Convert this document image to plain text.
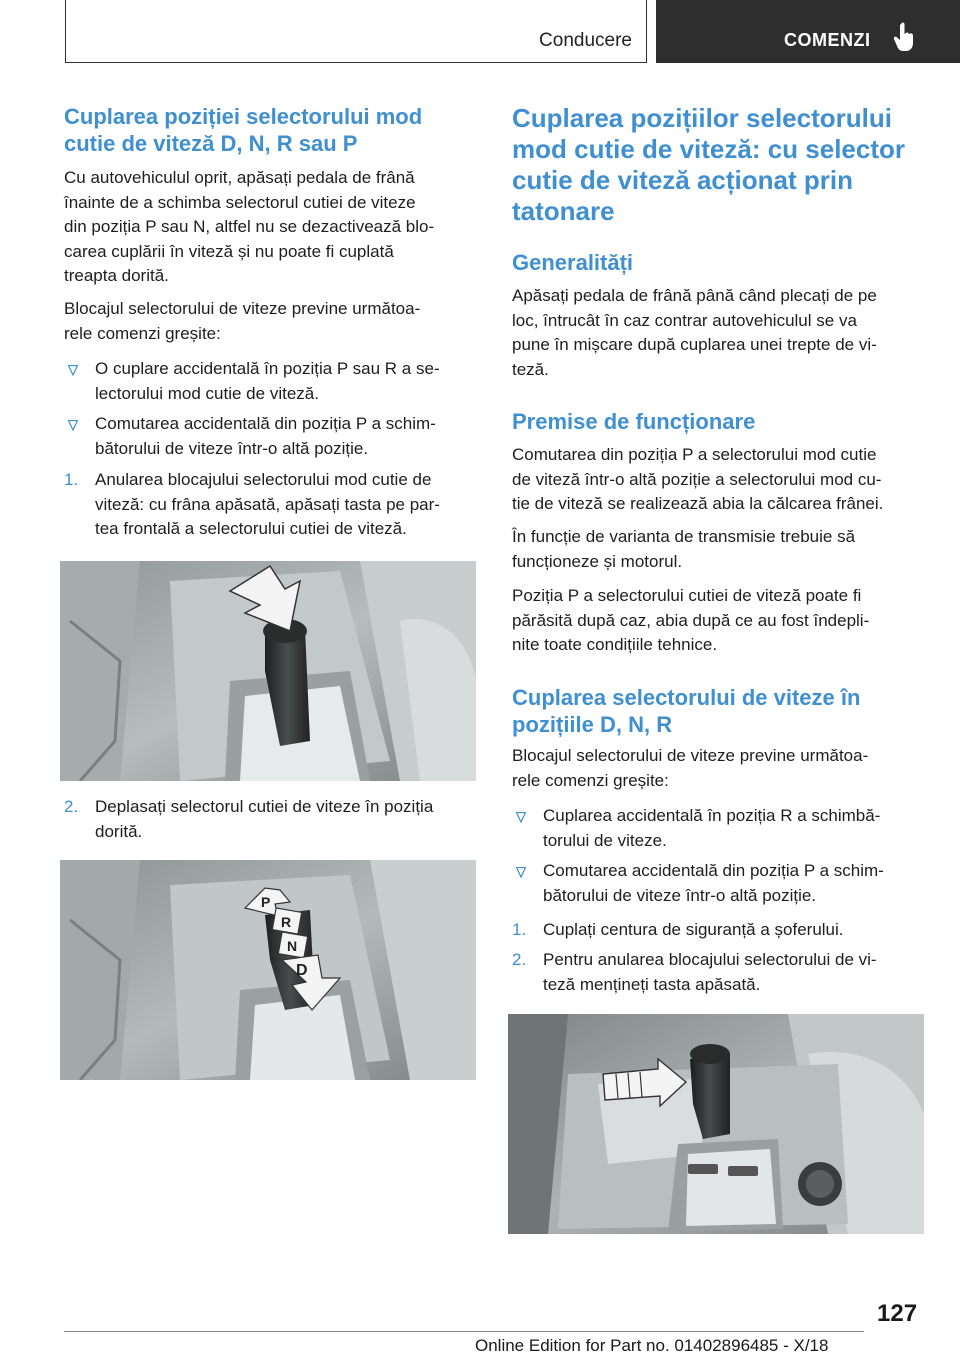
Conducere	COMENZI
Cuplarea poziției selectorului mod
cutie de viteză D, N, R sau P

Cu autovehiculul oprit, apăsați pedala de frână
înainte de a schimba selectorul cutiei de viteze
din poziția P sau N, altfel nu se dezactivează blo‐
carea cuplării în viteză și nu poate fi cuplată
treapta dorită.

Blocajul selectorului de viteze previne următoa‐
rele comenzi greșite:

O cuplare accidentală în poziția P sau R a se‐
lectorului mod cutie de viteză.
Comutarea accidentală din poziția P a schim‐
bătorului de viteze într-o altă poziție.
1. Anularea blocajului selectorului mod cutie de
viteză: cu frâna apăsată, apăsați tasta pe par‐
tea frontală a selectorului cutiei de viteză.
2. Deplasați selectorul cutiei de viteze în poziția
dorită.
P
R
N
D
Cuplarea pozițiilor selectorului
mod cutie de viteză: cu selector
cutie de viteză acționat prin
tatonare
Generalități

Apăsați pedala de frână până când plecați de pe
loc, întrucât în caz contrar autovehiculul se va
pune în mișcare după cuplarea unei trepte de vi‐
teză.

Premise de funcționare

Comutarea din poziția P a selectorului mod cutie
de viteză într-o altă poziție a selectorului mod cu‐
tie de viteză se realizează abia la călcarea frânei.

În funcție de varianta de transmisie trebuie să
funcționeze și motorul.

Poziția P a selectorului cutiei de viteză poate fi
părăsită după caz, abia după ce au fost îndepli‐
nite toate condițiile tehnice.

Cuplarea selectorului de viteze în
pozițiile D, N, R

Blocajul selectorului de viteze previne următoa‐
rele comenzi greșite:

Cuplarea accidentală în poziția R a schimbă‐
torului de viteze.
Comutarea accidentală din poziția P a schim‐
bătorului de viteze într-o altă poziție.
1. Cuplați centura de siguranță a șoferului.
2. Pentru anularea blocajului selectorului de vi‐
teză mențineți tasta apăsată.
127
Online Edition for Part no. 01402896485 - X/18
